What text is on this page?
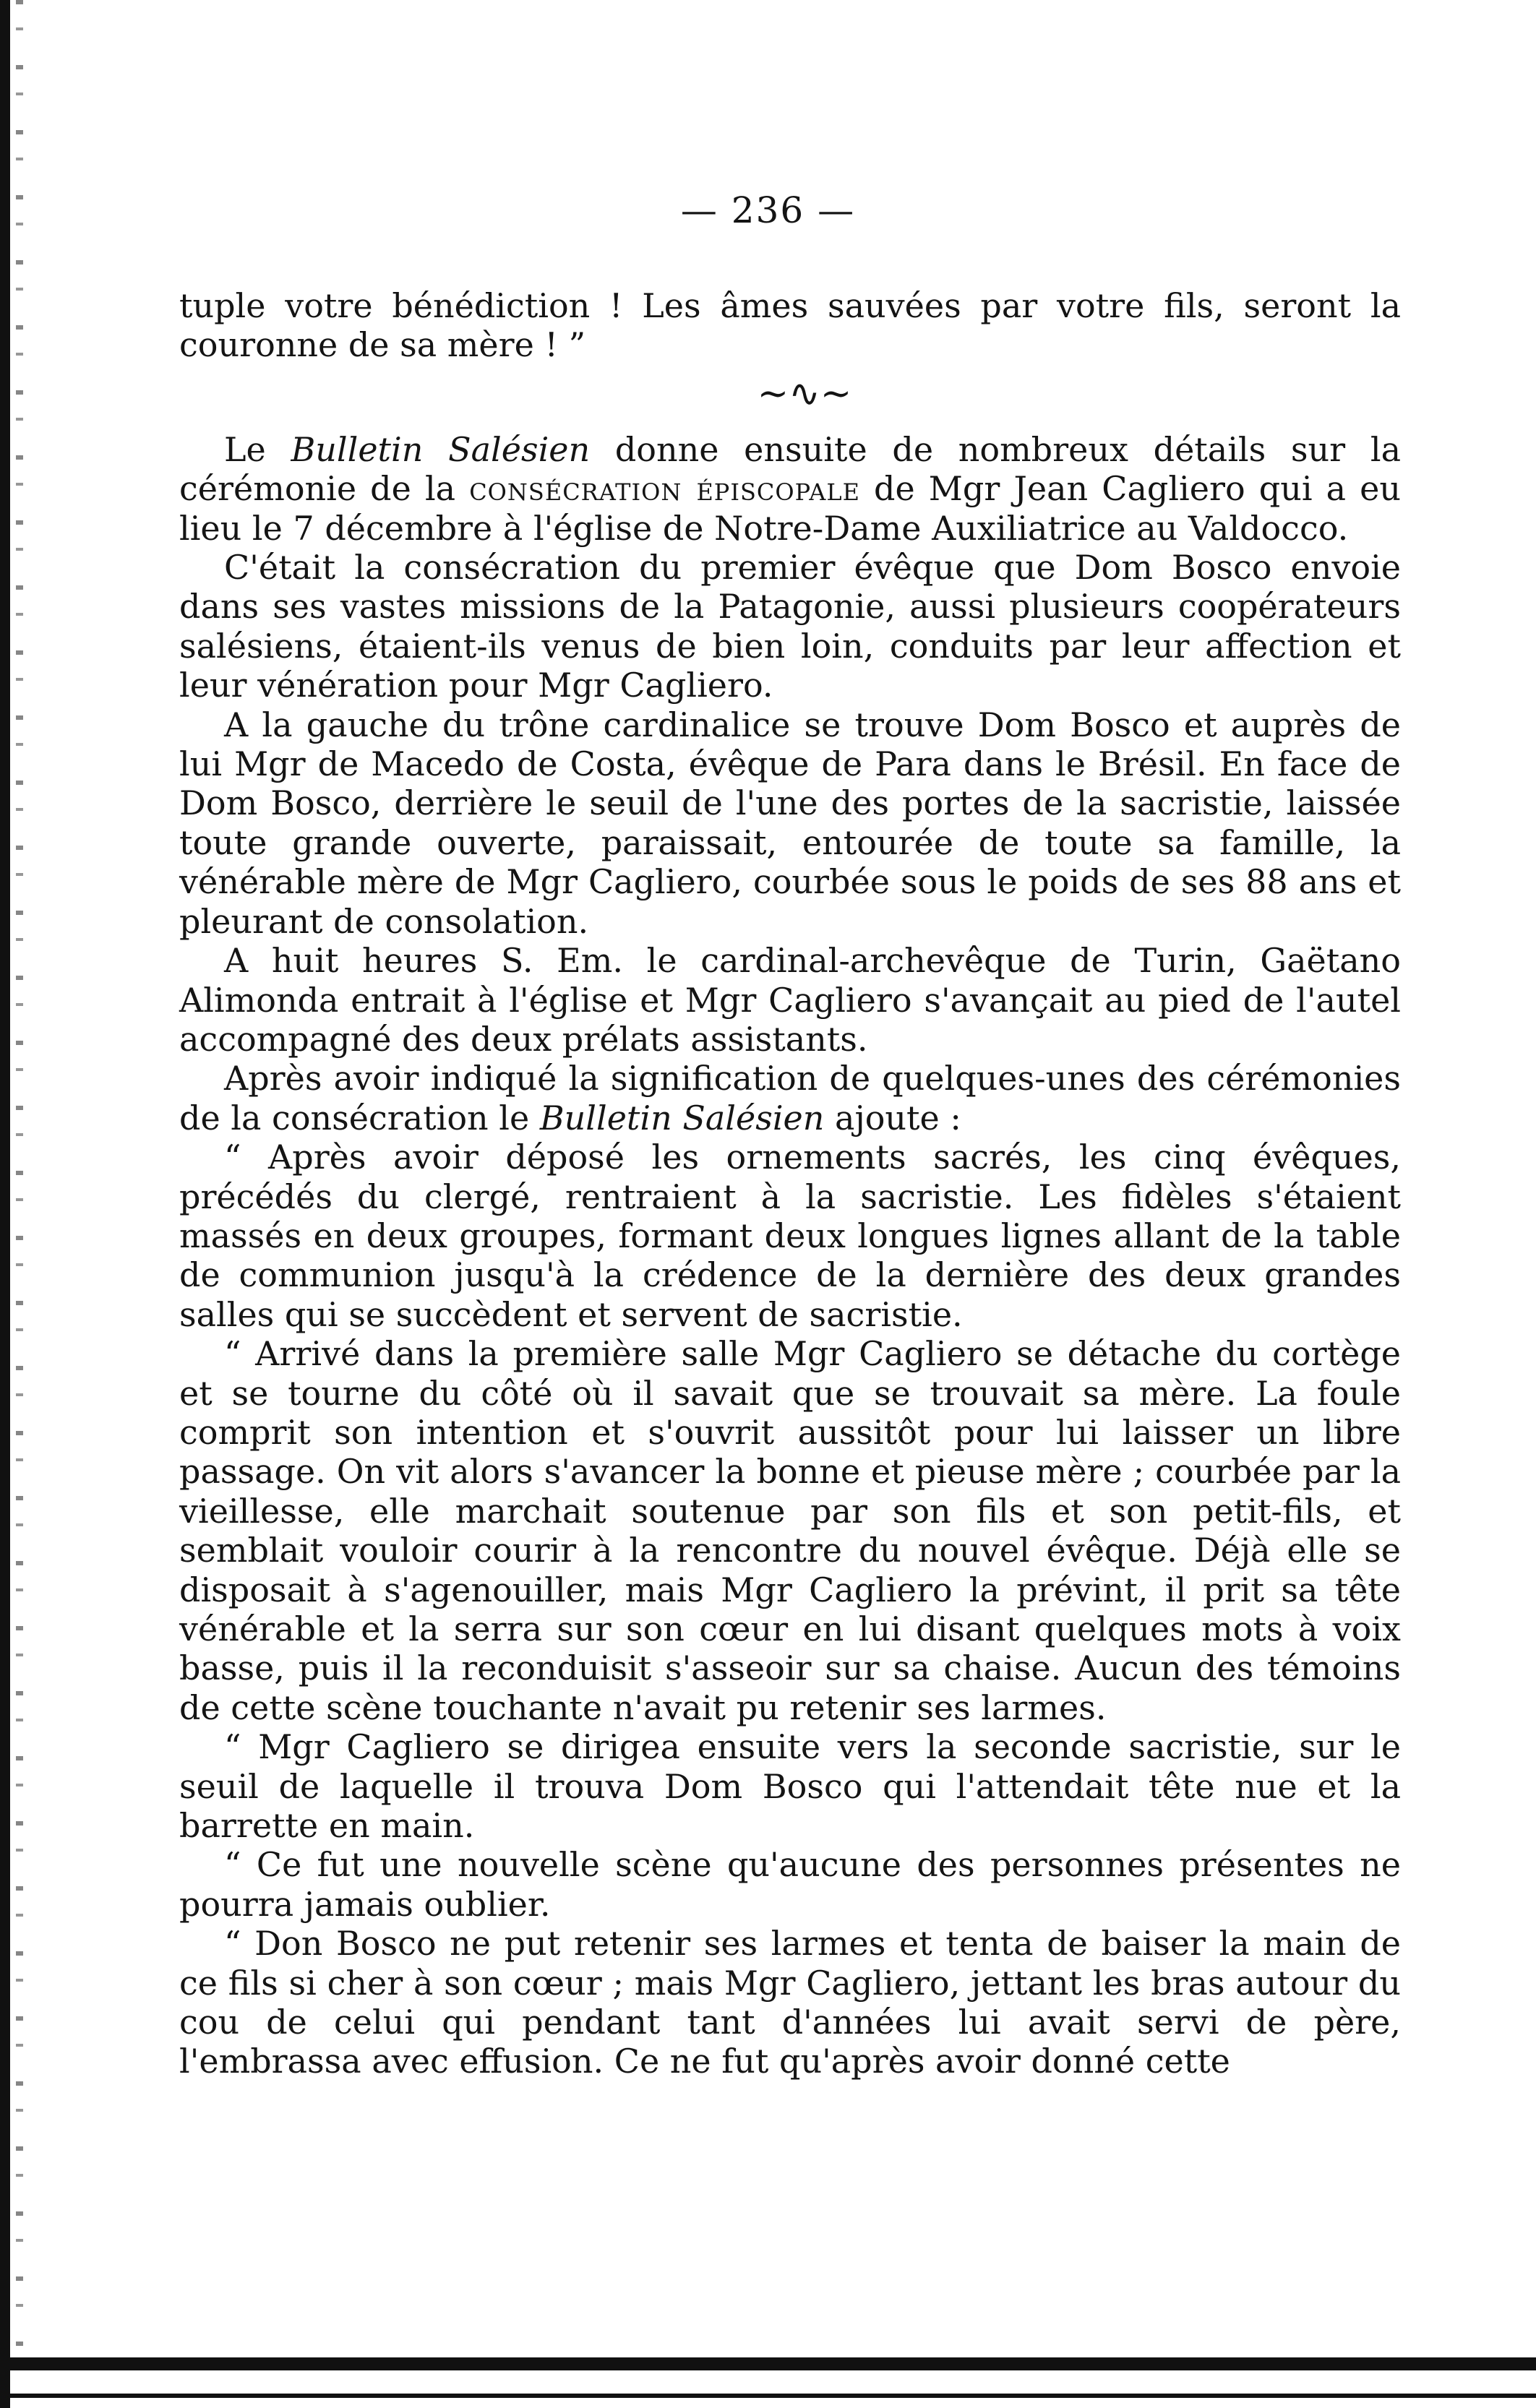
— 236 —

tuple votre bénédiction ! Les âmes sauvées par votre fils, seront la couronne de sa mère ! ”

~∿~

Le Bulletin Salésien donne ensuite de nombreux détails sur la cérémonie de la consécration épiscopale de Mgr Jean Cagliero qui a eu lieu le 7 décembre à l'église de Notre-Dame Auxiliatrice au Valdocco.

C'était la consécration du premier évêque que Dom Bosco envoie dans ses vastes missions de la Patagonie, aussi plusieurs coopérateurs salésiens, étaient-ils venus de bien loin, conduits par leur affection et leur vénération pour Mgr Cagliero.

A la gauche du trône cardinalice se trouve Dom Bosco et auprès de lui Mgr de Macedo de Costa, évêque de Para dans le Brésil. En face de Dom Bosco, derrière le seuil de l'une des portes de la sacristie, laissée toute grande ouverte, paraissait, entourée de toute sa famille, la vénérable mère de Mgr Cagliero, courbée sous le poids de ses 88 ans et pleurant de consolation.

A huit heures S. Em. le cardinal-archevêque de Turin, Gaëtano Alimonda entrait à l'église et Mgr Cagliero s'avançait au pied de l'autel accompagné des deux prélats assistants.

Après avoir indiqué la signification de quelques-unes des cérémonies de la consécration le Bulletin Salésien ajoute :

“ Après avoir déposé les ornements sacrés, les cinq évêques, précédés du clergé, rentraient à la sacristie. Les fidèles s'étaient massés en deux groupes, formant deux longues lignes allant de la table de communion jusqu'à la crédence de la dernière des deux grandes salles qui se succèdent et servent de sacristie.

“ Arrivé dans la première salle Mgr Cagliero se détache du cortège et se tourne du côté où il savait que se trouvait sa mère. La foule comprit son intention et s'ouvrit aussitôt pour lui laisser un libre passage. On vit alors s'avancer la bonne et pieuse mère ; courbée par la vieillesse, elle marchait soutenue par son fils et son petit-fils, et semblait vouloir courir à la rencontre du nouvel évêque. Déjà elle se disposait à s'agenouiller, mais Mgr Cagliero la prévint, il prit sa tête vénérable et la serra sur son cœur en lui disant quelques mots à voix basse, puis il la reconduisit s'asseoir sur sa chaise. Aucun des témoins de cette scène touchante n'avait pu retenir ses larmes.

“ Mgr Cagliero se dirigea ensuite vers la seconde sacristie, sur le seuil de laquelle il trouva Dom Bosco qui l'attendait tête nue et la barrette en main.

“ Ce fut une nouvelle scène qu'aucune des personnes présentes ne pourra jamais oublier.

“ Don Bosco ne put retenir ses larmes et tenta de baiser la main de ce fils si cher à son cœur ; mais Mgr Cagliero, jettant les bras autour du cou de celui qui pendant tant d'années lui avait servi de père, l'embrassa avec effusion. Ce ne fut qu'après avoir donné cette
